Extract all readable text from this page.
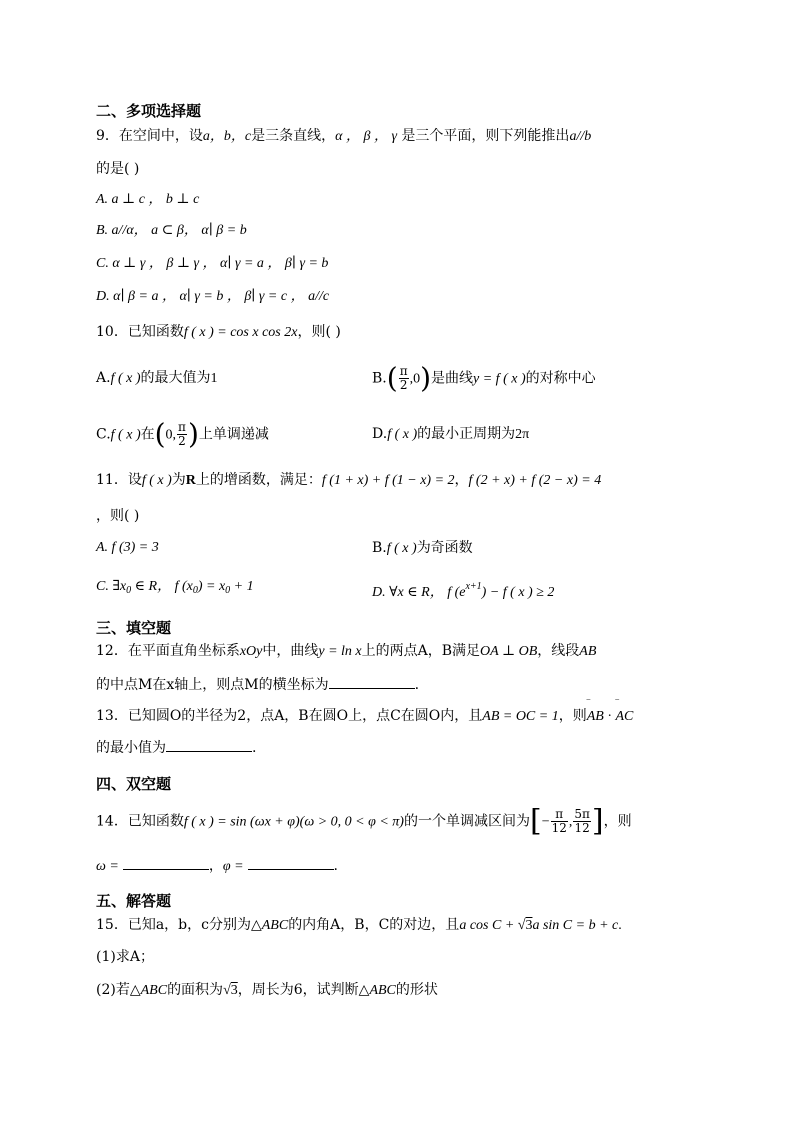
二、多项选择题
9．在空间中，设a，b，c是三条直线，α ， β ， γ 是三个平面，则下列能推出a//b
的是( )
A. a ⊥ c ， b ⊥ c
B. a//α， a ⊂ β， α∣ β = b
C. α ⊥ γ ， β ⊥ γ ， α∣ γ = a ， β∣ γ = b
D. α∣ β = a ， α∣ γ = b ， β∣ γ = c ， a//c
10．已知函数f ( x ) = cos x cos 2x，则( )
A.f ( x )的最大值为1	$B.( \frac{\pi}{2} ,0)$是曲线y = f ( x )的对称中心
C.f ( x )在(0, $\frac{\pi}{2}$ )上单调递减	D.f ( x )的最小正周期为2π
11．设f ( x )为R上的增函数，满足：f (1 + x) + f (1 − x) = 2，f (2 + x) + f (2 − x) = 4
，则( )
A. f (3) = 3	B.f ( x )为奇函数
C. $\exists x_0$ ∈ R， f $(x_0) = x_0 + 1$	D. ∀x ∈ R， f $(e^{x+1}) - f$ ( x ) ≥ 2
三、填空题
12．在平面直角坐标系xOy中，曲线y = ln x上的两点A，B满足OA ⊥ OB，线段AB
的中点M在x轴上，则点M的横坐标为	.
13．已知圆O的半径为2，点A，B在圆O上，点C在圆O内，且AB = OC = 1，则‾ AB · ‾ AC
的最小值为	.
四、双空题
14．已知函数f ( x ) = sin (ωx + φ)(ω > 0, 0 < φ < π)的一个单调减区间为[− $\frac{\pi}{12}$ , $\frac{5\pi}{12}$ ]，则
ω =	，φ =	.
五、解答题
15．已知a，b，c分别为△ABC的内角A，B，C的对边，且a cos C + √3a sin C = b + c.
(1)求A；
(2)若△ABC的面积为√3，周长为6，试判断△ABC的形状
